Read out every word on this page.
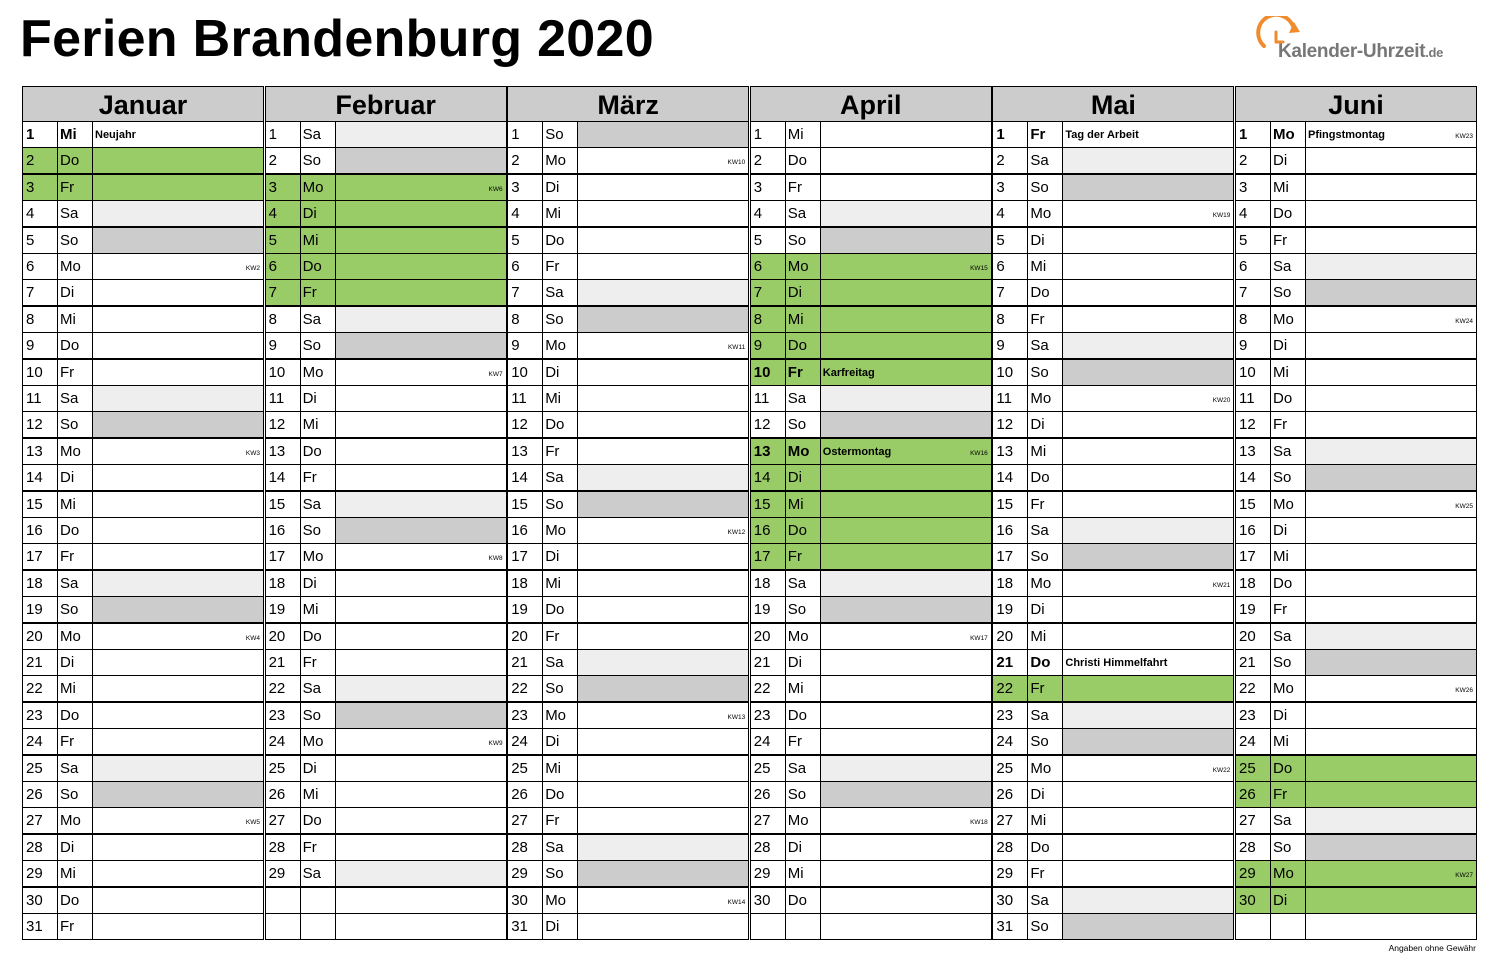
Ferien Brandenburg 2020	Kalender-Uhrzeit.de
Januar
1 Mi Neujahr
2 Do
3 Fr
4 Sa
5 So
6 Mo	KW2
7 Di
8 Mi
9 Do
10 Fr
11 Sa
12 So
13 Mo	KW3
14 Di
15 Mi
16 Do
17 Fr
18 Sa
19 So
20 Mo	KW4
21 Di
22 Mi
23 Do
24 Fr
25 Sa
26 So
27 Mo	KW5
28 Di
29 Mi
30 Do
31 Fr
Februar
1 Sa
2 So
3 Mo	KW6
4 Di
5 Mi
6 Do
7 Fr
8 Sa
9 So
10 Mo	KW7
11 Di
12 Mi
13 Do
14 Fr
15 Sa
16 So
17 Mo	KW8
18 Di
19 Mi
20 Do
21 Fr
22 Sa
23 So
24 Mo	KW9
25 Di
26 Mi
27 Do
28 Fr
29 Sa
März
1 So
2 Mo	KW10
3 Di
4 Mi
5 Do
6 Fr
7 Sa
8 So
9 Mo	KW11
10 Di
11 Mi
12 Do
13 Fr
14 Sa
15 So
16 Mo	KW12
17 Di
18 Mi
19 Do
20 Fr
21 Sa
22 So
23 Mo	KW13
24 Di
25 Mi
26 Do
27 Fr
28 Sa
29 So
30 Mo	KW14
31 Di
April
1 Mi
2 Do
3 Fr
4 Sa
5 So
6 Mo	KW15
7 Di
8 Mi
9 Do
10 Fr Karfreitag
11 Sa
12 So
13 Mo Ostermontag	KW16
14 Di
15 Mi
16 Do
17 Fr
18 Sa
19 So
20 Mo	KW17
21 Di
22 Mi
23 Do
24 Fr
25 Sa
26 So
27 Mo	KW18
28 Di
29 Mi
30 Do
Mai
1 Fr Tag der Arbeit
2 Sa
3 So
4 Mo	KW19
5 Di
6 Mi
7 Do
8 Fr
9 Sa
10 So
11 Mo	KW20
12 Di
13 Mi
14 Do
15 Fr
16 Sa
17 So
18 Mo	KW21
19 Di
20 Mi
21 Do Christi Himmelfahrt
22 Fr
23 Sa
24 So
25 Mo	KW22
26 Di
27 Mi
28 Do
29 Fr
30 Sa
31 So
Juni
1 Mo Pfingstmontag	KW23
2 Di
3 Mi
4 Do
5 Fr
6 Sa
7 So
8 Mo	KW24
9 Di
10 Mi
11 Do
12 Fr
13 Sa
14 So
15 Mo	KW25
16 Di
17 Mi
18 Do
19 Fr
20 Sa
21 So
22 Mo	KW26
23 Di
24 Mi
25 Do
26 Fr
27 Sa
28 So
29 Mo	KW27
30 Di
Angaben ohne Gewähr
